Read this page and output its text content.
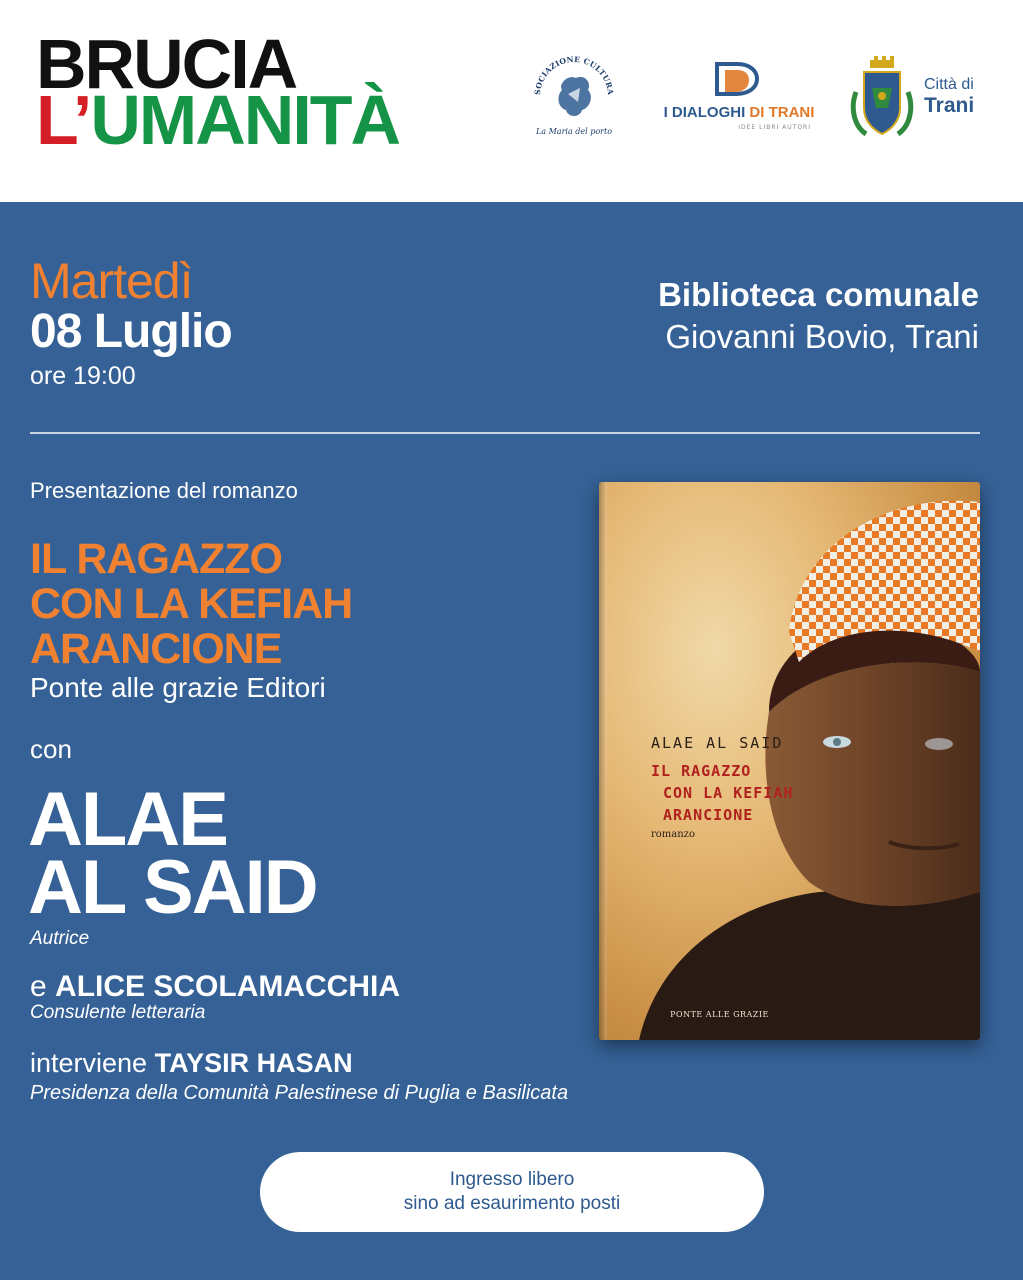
BRUCIA
L’UMANITÀ	SOCIAZIONE CULTURA
La Maria del porto
I DIALOGHI DI TRANI
IDEE LIBRI AUTORI
Città di
Trani
Martedì
08 Luglio
ore 19:00
Biblioteca comunale
Giovanni Bovio, Trani
Presentazione del romanzo
IL RAGAZZO
CON LA KEFIAH
ARANCIONE
Ponte alle grazie Editori
con
ALAE
AL SAID
Autrice
e ALICE SCOLAMACCHIA
Consulente letteraria
interviene TAYSIR HASAN
Presidenza della Comunità Palestinese di Puglia e Basilicata
Ingresso libero
sino ad esaurimento posti
ALAE AL SAID
IL RAGAZZO
CON LA KEFIAH
ARANCIONE
romanzo
PONTE ALLE GRAZIE
